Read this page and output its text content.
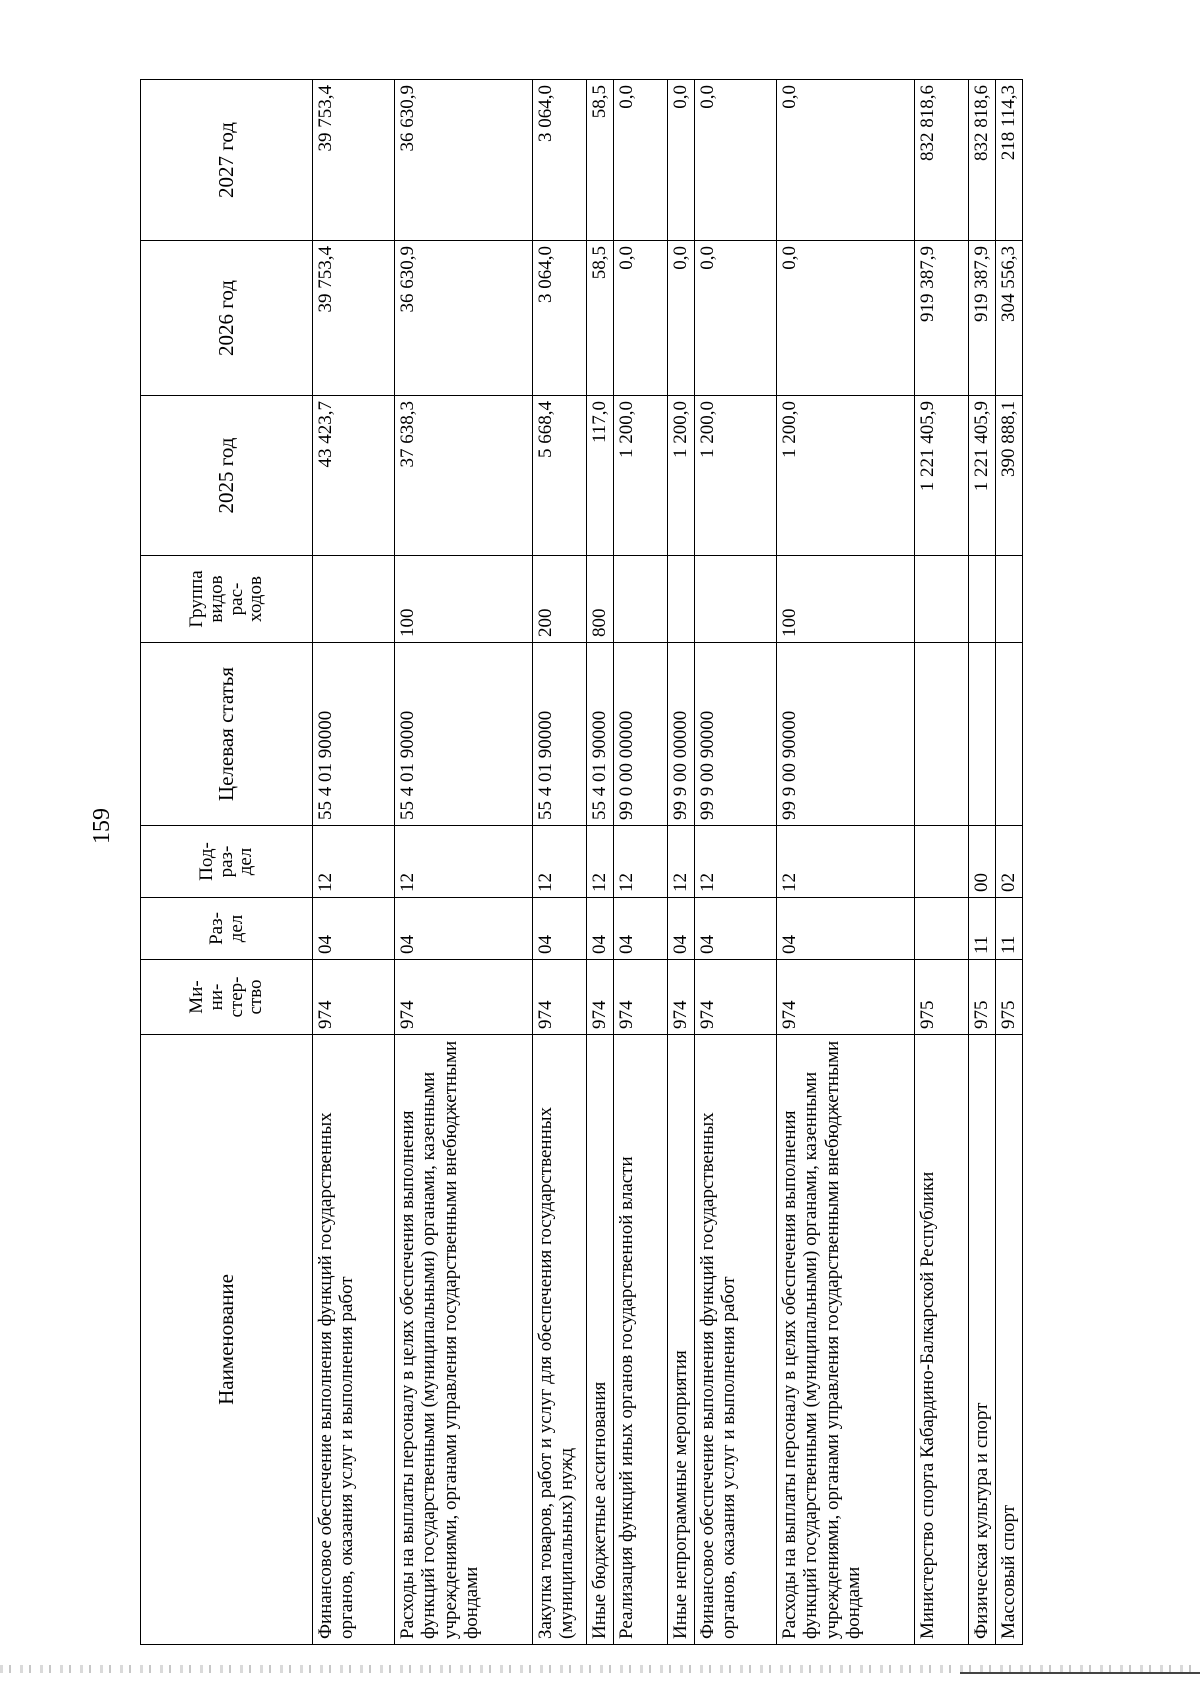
159
Наименование	Ми-
ни-
стер-
ство	Раз-
дел	Под-
раз-
дел	Целевая статья	Группа
видов
рас-
ходов	2025 год	2026 год	2027 год
Финансовое обеспечение выполнения функций государственных органов, оказания услуг и выполнения работ	974	04	12	55 4 01 90000		43 423,7	39 753,4	39 753,4
Расходы на выплаты персоналу в целях обеспечения выполнения функций государственными (муниципальными) органами, казенными учреждениями, органами управления государственными внебюджетными фондами	974	04	12	55 4 01 90000	100	37 638,3	36 630,9	36 630,9
Закупка товаров, работ и услуг для обеспечения государственных (муниципальных) нужд	974	04	12	55 4 01 90000	200	5 668,4	3 064,0	3 064,0
Иные бюджетные ассигнования	974	04	12	55 4 01 90000	800	117,0	58,5	58,5
Реализация функций иных органов государственной власти	974	04	12	99 0 00 00000		1 200,0	0,0	0,0
Иные непрограммные мероприятия	974	04	12	99 9 00 00000		1 200,0	0,0	0,0
Финансовое обеспечение выполнения функций государственных органов, оказания услуг и выполнения работ	974	04	12	99 9 00 90000		1 200,0	0,0	0,0
Расходы на выплаты персоналу в целях обеспечения выполнения функций государственными (муниципальными) органами, казенными учреждениями, органами управления государственными внебюджетными фондами	974	04	12	99 9 00 90000	100	1 200,0	0,0	0,0
Министерство спорта Кабардино-Балкарской Республики	975					1 221 405,9	919 387,9	832 818,6
Физическая культура и спорт	975	11	00			1 221 405,9	919 387,9	832 818,6
Массовый спорт	975	11	02			390 888,1	304 556,3	218 114,3
